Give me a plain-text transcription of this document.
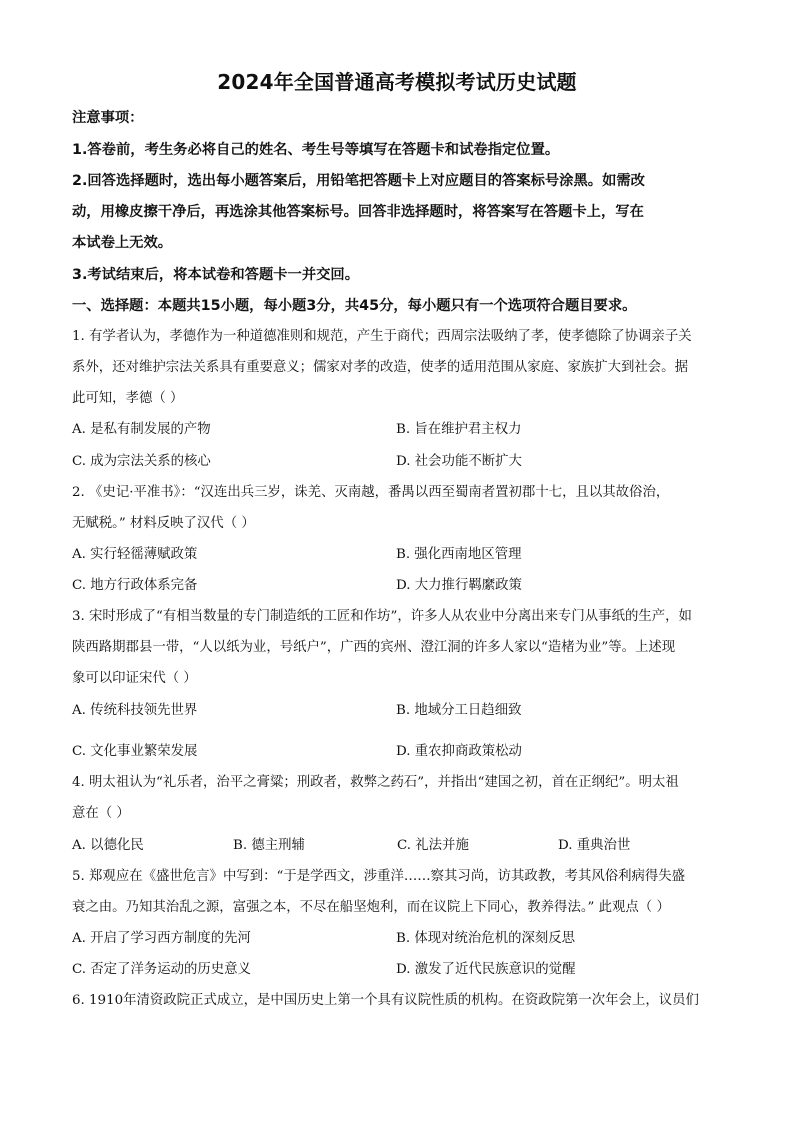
2024年全国普通高考模拟考试历史试题
注意事项：
1.答卷前，考生务必将自己的姓名、考生号等填写在答题卡和试卷指定位置。
2.回答选择题时，选出每小题答案后，用铅笔把答题卡上对应题目的答案标号涂黑。如需改
动，用橡皮擦干净后，再选涂其他答案标号。回答非选择题时，将答案写在答题卡上，写在
本试卷上无效。
3.考试结束后，将本试卷和答题卡一并交回。
一、选择题：本题共15小题，每小题3分，共45分，每小题只有一个选项符合题目要求。
1. 有学者认为，孝德作为一种道德准则和规范，产生于商代；西周宗法吸纳了孝，使孝德除了协调亲子关
系外，还对维护宗法关系具有重要意义；儒家对孝的改造，使孝的适用范围从家庭、家族扩大到社会。据
此可知，孝德（ ）
A. 是私有制发展的产物	B. 旨在维护君主权力
C. 成为宗法关系的核心	D. 社会功能不断扩大
2. 《史记·平准书》：“汉连出兵三岁，诛羌、灭南越，番禺以西至蜀南者置初郡十七，且以其故俗治，
无赋税。” 材料反映了汉代（ ）
A. 实行轻徭薄赋政策	B. 强化西南地区管理
C. 地方行政体系完备	D. 大力推行羁縻政策
3. 宋时形成了“有相当数量的专门制造纸的工匠和作坊”，许多人从农业中分离出来专门从事纸的生产，如
陕西路期郡县一带，“人以纸为业，号纸户”，广西的宾州、澄江洞的许多人家以“造楮为业”等。上述现
象可以印证宋代（ ）
A. 传统科技领先世界	B. 地域分工日趋细致
C. 文化事业繁荣发展	D. 重农抑商政策松动
4. 明太祖认为“礼乐者，治平之膏粱；刑政者，救弊之药石”，并指出“建国之初，首在正纲纪”。明太祖
意在（ ）
A. 以德化民	B. 德主刑辅	C. 礼法并施	D. 重典治世
5. 郑观应在《盛世危言》中写到：“于是学西文，涉重洋……察其习尚，访其政教，考其风俗利病得失盛
衰之由。乃知其治乱之源，富强之本，不尽在船坚炮利，而在议院上下同心，教养得法。” 此观点（ ）
A. 开启了学习西方制度的先河	B. 体现对统治危机的深刻反思
C. 否定了洋务运动的历史意义	D. 激发了近代民族意识的觉醒
6. 1910年清资政院正式成立，是中国历史上第一个具有议院性质的机构。在资政院第一次年会上，议员们
